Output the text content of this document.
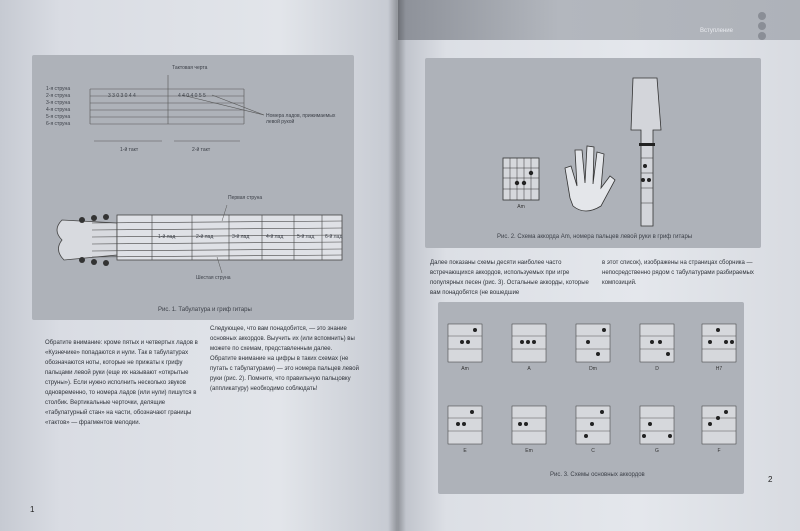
Тактовая черта
Номера ладов, прижимаемых левой рукой
1-й такт	2-й такт
1-я струна
2-я струна
3-я струна
4-я струна
5-я струна
6-я струна
3 3 0 3 0 4 4	4 4 0 4 0 5 5
Первая струна
Шестая струна
1-й лад	2-й лад	3-й лад	4-й лад	5-й лад 6-й лад
Рис. 1. Табулатура и гриф гитары
Обратите внимание: кроме пятых и четвертых ладов в «Кузнечике» попадаются и нули. Так в табулатурах обозначаются ноты, которые не прижаты к грифу пальцами левой руки (еще их называют «открытые струны»). Если нужно исполнить несколько звуков одновременно, то номера ладов (или нули) пишутся в столбик. Вертикальные черточки, делящие «табулатурный стан» на части, обозначают границы «тактов» — фрагментов мелодии.
Следующее, что вам понадобится, — это знание основных аккордов. Выучить их (или вспомнить) вы можете по схемам, представленным далее. Обратите внимание на цифры в таких схемах (не путать с табулатурами) — это номера пальцев левой руки (рис. 2). Помните, что правильную пальцовку (аппликатуру) необходимо соблюдать!
1
Вступление
Am
Рис. 2. Схема аккорда Am, номера пальцев левой руки в гриф гитары
Далее показаны схемы десяти наиболее часто встречающихся аккордов, используемых при игре популярных песен (рис. 3). Остальные аккорды, которые вам понадобятся (не вошедшие
в этот список), изображены на страницах сборника — непосредственно рядом с табулатурами разбираемых композиций.
Am	A	Dm	D	H7
E	Em	C	G	F
Рис. 3. Схемы основных аккордов	2
